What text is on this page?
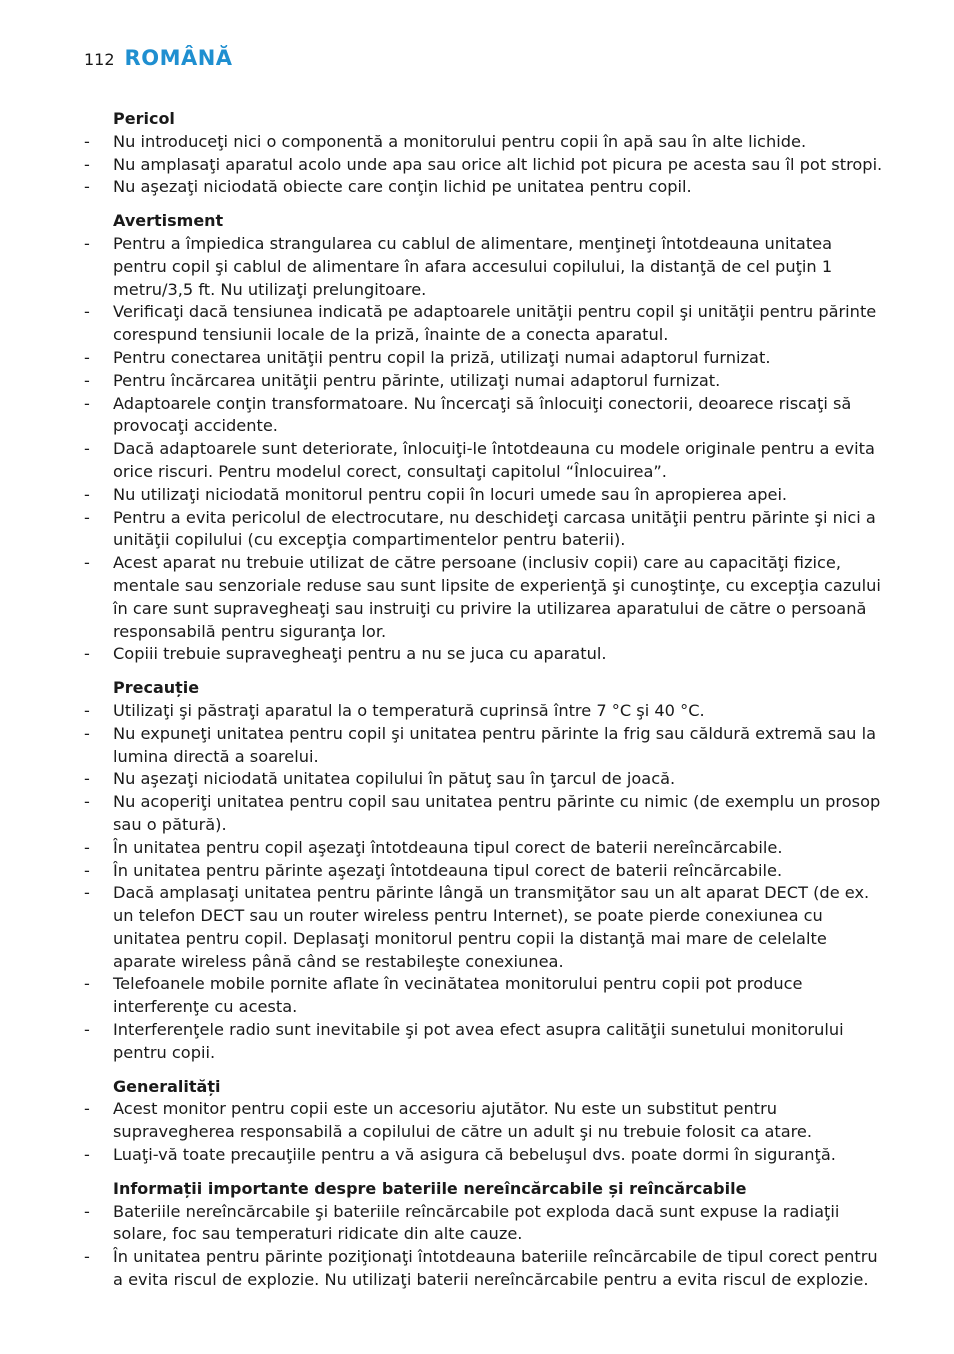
112 ROMÂNĂ
Pericol
- Nu introduceţi nici o componentă a monitorului pentru copii în apă sau în alte lichide.
- Nu amplasaţi aparatul acolo unde apa sau orice alt lichid pot picura pe acesta sau îl pot stropi.
- Nu aşezaţi niciodată obiecte care conţin lichid pe unitatea pentru copil.
Avertisment
- Pentru a împiedica strangularea cu cablul de alimentare, menţineţi întotdeauna unitatea pentru copil şi cablul de alimentare în afara accesului copilului, la distanţă de cel puţin 1 metru/3,5 ft. Nu utilizaţi prelungitoare.
- Verificaţi dacă tensiunea indicată pe adaptoarele unităţii pentru copil şi unităţii pentru părinte corespund tensiunii locale de la priză, înainte de a conecta aparatul.
- Pentru conectarea unităţii pentru copil la priză, utilizaţi numai adaptorul furnizat.
- Pentru încărcarea unităţii pentru părinte, utilizaţi numai adaptorul furnizat.
- Adaptoarele conţin transformatoare. Nu încercaţi să înlocuiţi conectorii, deoarece riscaţi să provocaţi accidente.
- Dacă adaptoarele sunt deteriorate, înlocuiţi-le întotdeauna cu modele originale pentru a evita orice riscuri. Pentru modelul corect, consultaţi capitolul “Înlocuirea”.
- Nu utilizaţi niciodată monitorul pentru copii în locuri umede sau în apropierea apei.
- Pentru a evita pericolul de electrocutare, nu deschideţi carcasa unităţii pentru părinte şi nici a unităţii copilului (cu excepţia compartimentelor pentru baterii).
- Acest aparat nu trebuie utilizat de către persoane (inclusiv copii) care au capacităţi fizice, mentale sau senzoriale reduse sau sunt lipsite de experienţă şi cunoştinţe, cu excepţia cazului în care sunt supravegheaţi sau instruiţi cu privire la utilizarea aparatului de către o persoană responsabilă pentru siguranţa lor.
- Copiii trebuie supravegheaţi pentru a nu se juca cu aparatul.
Precauție
- Utilizaţi şi păstraţi aparatul la o temperatură cuprinsă între 7 °C şi 40 °C.
- Nu expuneţi unitatea pentru copil şi unitatea pentru părinte la frig sau căldură extremă sau la lumina directă a soarelui.
- Nu aşezaţi niciodată unitatea copilului în pătuţ sau în ţarcul de joacă.
- Nu acoperiţi unitatea pentru copil sau unitatea pentru părinte cu nimic (de exemplu un prosop sau o pătură).
- În unitatea pentru copil aşezaţi întotdeauna tipul corect de baterii nereîncărcabile.
- În unitatea pentru părinte aşezaţi întotdeauna tipul corect de baterii reîncărcabile.
- Dacă amplasaţi unitatea pentru părinte lângă un transmiţător sau un alt aparat DECT (de ex. un telefon DECT sau un router wireless pentru Internet), se poate pierde conexiunea cu unitatea pentru copil. Deplasaţi monitorul pentru copii la distanţă mai mare de celelalte aparate wireless până când se restabileşte conexiunea.
- Telefoanele mobile pornite aflate în vecinătatea monitorului pentru copii pot produce interferenţe cu acesta.
- Interferenţele radio sunt inevitabile şi pot avea efect asupra calităţii sunetului monitorului pentru copii.
Generalități
- Acest monitor pentru copii este un accesoriu ajutător. Nu este un substitut pentru supravegherea responsabilă a copilului de către un adult şi nu trebuie folosit ca atare.
- Luaţi-vă toate precauţiile pentru a vă asigura că bebeluşul dvs. poate dormi în siguranţă.
Informații importante despre bateriile nereîncărcabile și reîncărcabile
- Bateriile nereîncărcabile şi bateriile reîncărcabile pot exploda dacă sunt expuse la radiaţii solare, foc sau temperaturi ridicate din alte cauze.
- În unitatea pentru părinte poziţionaţi întotdeauna bateriile reîncărcabile de tipul corect pentru a evita riscul de explozie. Nu utilizaţi baterii nereîncărcabile pentru a evita riscul de explozie.
